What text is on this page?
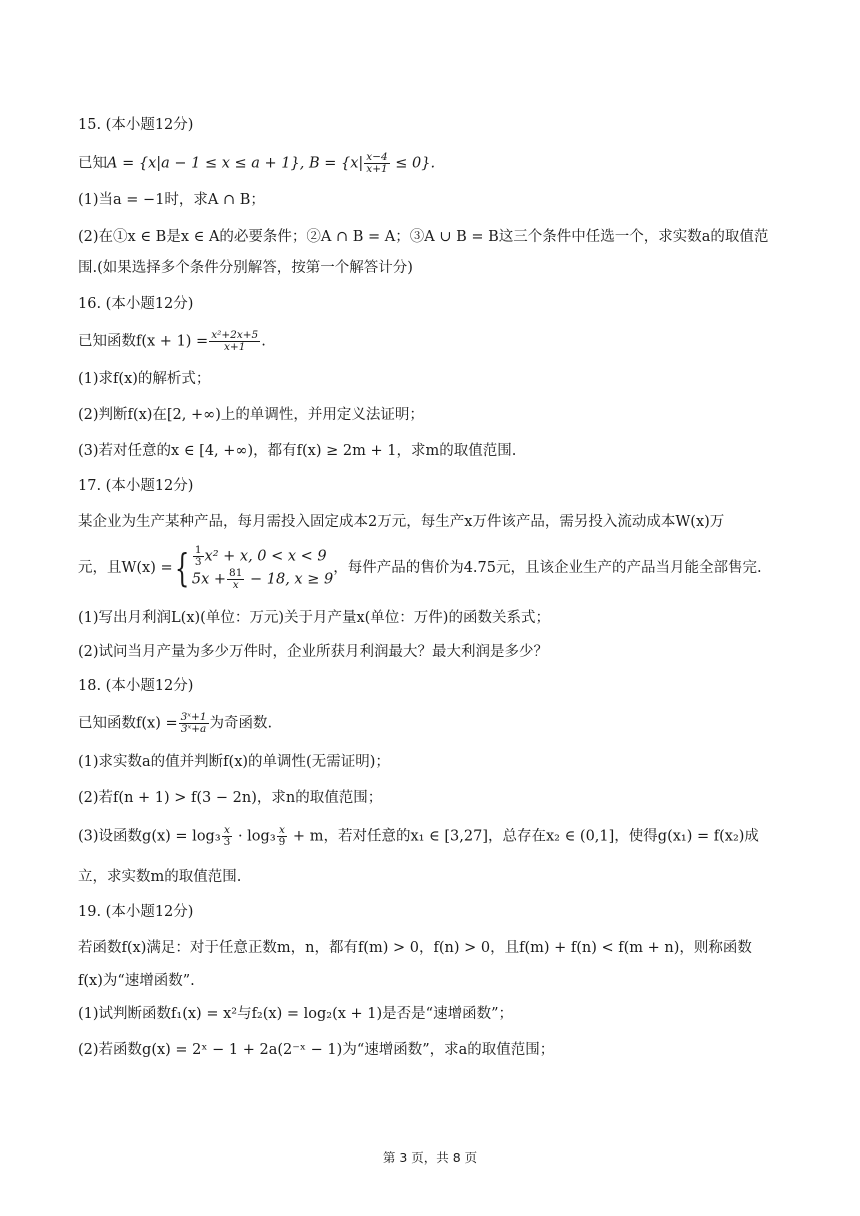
15. (本小题12分)
已知A = {x|a − 1 ≤ x ≤ a + 1}, $B = \{x| \frac{x-4}{x+1} \le 0\}$.
(1)当a = −1时，求A ∩ B；
(2)在①x ∈ B是x ∈ A的必要条件；②A ∩ B = A；③A ∪ B = B这三个条件中任选一个，求实数a的取值范
围.(如果选择多个条件分别解答，按第一个解答计分)
16. (本小题12分)
已知函数$f(x + 1) = \frac{\text{x²+2x+5}}{x+1}$ .
(1)求f(x)的解析式；
(2)判断f(x)在[2, +∞)上的单调性，并用定义法证明；
(3)若对任意的x ∈ [4, +∞)，都有f(x) ≥ 2m + 1，求m的取值范围.
17. (本小题12分)
某企业为生产某种产品，每月需投入固定成本2万元，每生产x万件该产品，需另投入流动成本W(x)万
元，且W(x) ={ $\frac{1}{3} x^2 + x$, 0 < x < 9
$5x + \frac{81}{x} - 18$, x ≥ 9
，每件产品的售价为4.75元，且该企业生产的产品当月能全部售完.
(1)写出月利润L(x)(单位：万元)关于月产量x(单位：万件)的函数关系式；
(2)试问当月产量为多少万件时，企业所获月利润最大？最大利润是多少？
18. (本小题12分)
已知函数$f(x) = \frac{\text{3ˣ+1}}{\text{3ˣ+a}}$ 为奇函数.
(1)求实数a的值并判断f(x)的单调性(无需证明)；
(2)若f(n + 1) > f(3 − 2n)，求n的取值范围；
(3)设函数$g(x) = \log_3 \frac{x}{3} \cdot \log_3 \frac{x}{9} + m$，若对任意的x₁ ∈ [3,27]，总存在x₂ ∈ (0,1]，使得g(x₁) = f(x₂)成
立，求实数m的取值范围.
19. (本小题12分)
若函数f(x)满足：对于任意正数m，n，都有f(m) > 0，f(n) > 0，且f(m) + f(n) < f(m + n)，则称函数
f(x)为“速增函数”.
(1)试判断函数f₁(x) = x²与f₂(x) = log₂(x + 1)是否是“速增函数”；
(2)若函数g(x) = 2ˣ − 1 + 2a(2⁻ˣ − 1)为“速增函数”，求a的取值范围；
第 3 页，共 8 页
